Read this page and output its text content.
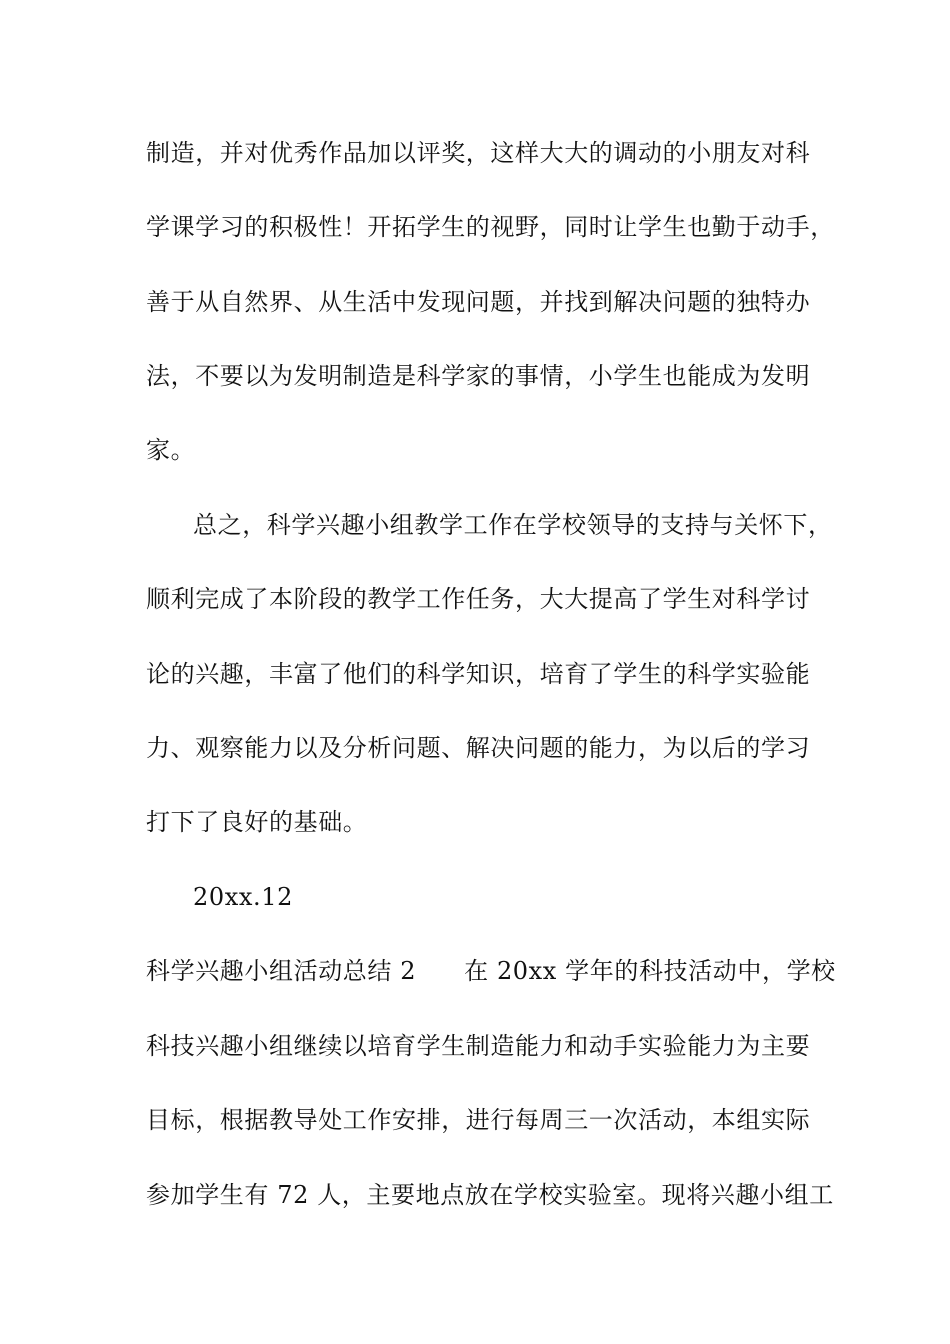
制造，并对优秀作品加以评奖，这样大大的调动的小朋友对科
学课学习的积极性！开拓学生的视野，同时让学生也勤于动手，
善于从自然界、从生活中发现问题，并找到解决问题的独特办
法，不要以为发明制造是科学家的事情，小学生也能成为发明
家。
总之，科学兴趣小组教学工作在学校领导的支持与关怀下，
顺利完成了本阶段的教学工作任务，大大提高了学生对科学讨
论的兴趣，丰富了他们的科学知识，培育了学生的科学实验能
力、观察能力以及分析问题、解决问题的能力，为以后的学习
打下了良好的基础。
20xx.12
科学兴趣小组活动总结 2 在 20xx 学年的科技活动中，学校
科技兴趣小组继续以培育学生制造能力和动手实验能力为主要
目标，根据教导处工作安排，进行每周三一次活动，本组实际
参加学生有 72 人，主要地点放在学校实验室。现将兴趣小组工
